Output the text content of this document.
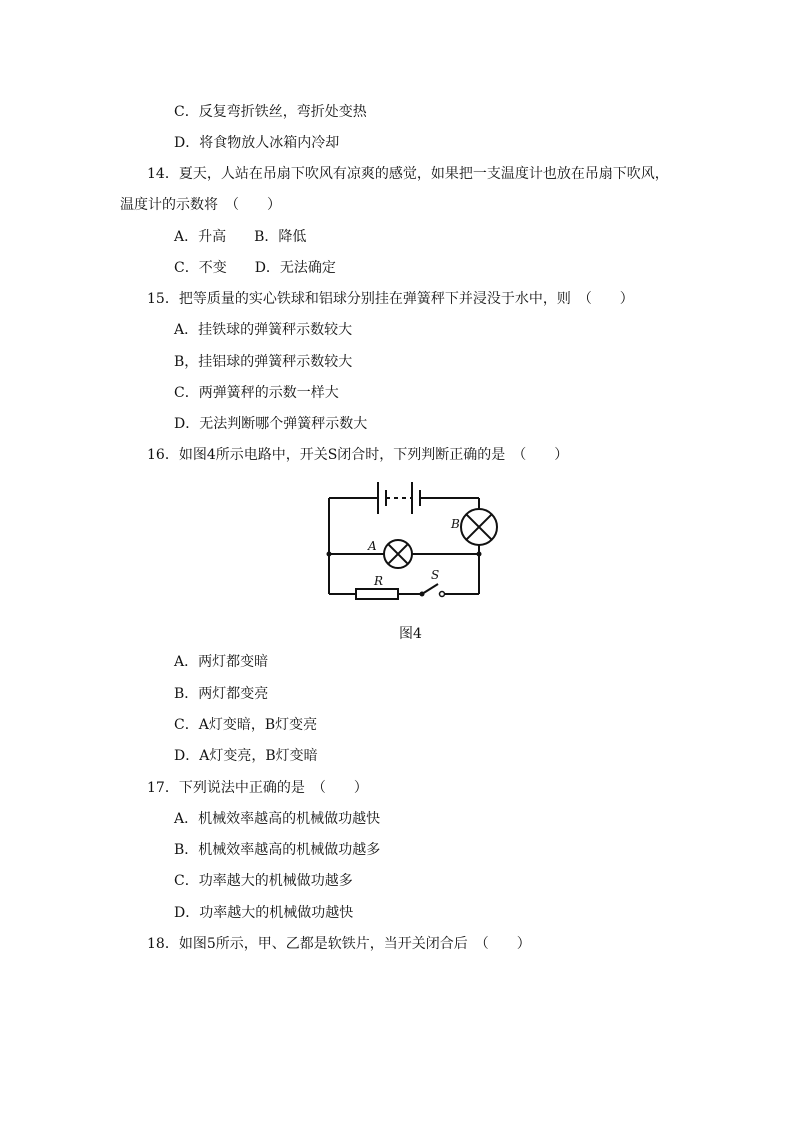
C．反复弯折铁丝，弯折处变热
D．将食物放人冰箱内冷却
14．夏天，人站在吊扇下吹风有凉爽的感觉，如果把一支温度计也放在吊扇下吹风，
温度计的示数将　（　　）
A．升高　　B．降低
C．不变　　D．无法确定
15．把等质量的实心铁球和铝球分别挂在弹簧秤下并浸没于水中，则　（　　）
A．挂铁球的弹簧秤示数较大
B，挂铝球的弹簧秤示数较大
C．两弹簧秤的示数一样大
D．无法判断哪个弹簧秤示数大
16．如图4所示电路中，开关S闭合时，下列判断正确的是　（　　）
A
B
R	S
图4
A．两灯都变暗
B．两灯都变亮
C．A灯变暗，B灯变亮
D．A灯变亮，B灯变暗
17．下列说法中正确的是　（　　）
A．机械效率越高的机械做功越快
B．机械效率越高的机械做功越多
C．功率越大的机械做功越多
D．功率越大的机械做功越快
18．如图5所示，甲、乙都是软铁片，当开关闭合后　（　　）
